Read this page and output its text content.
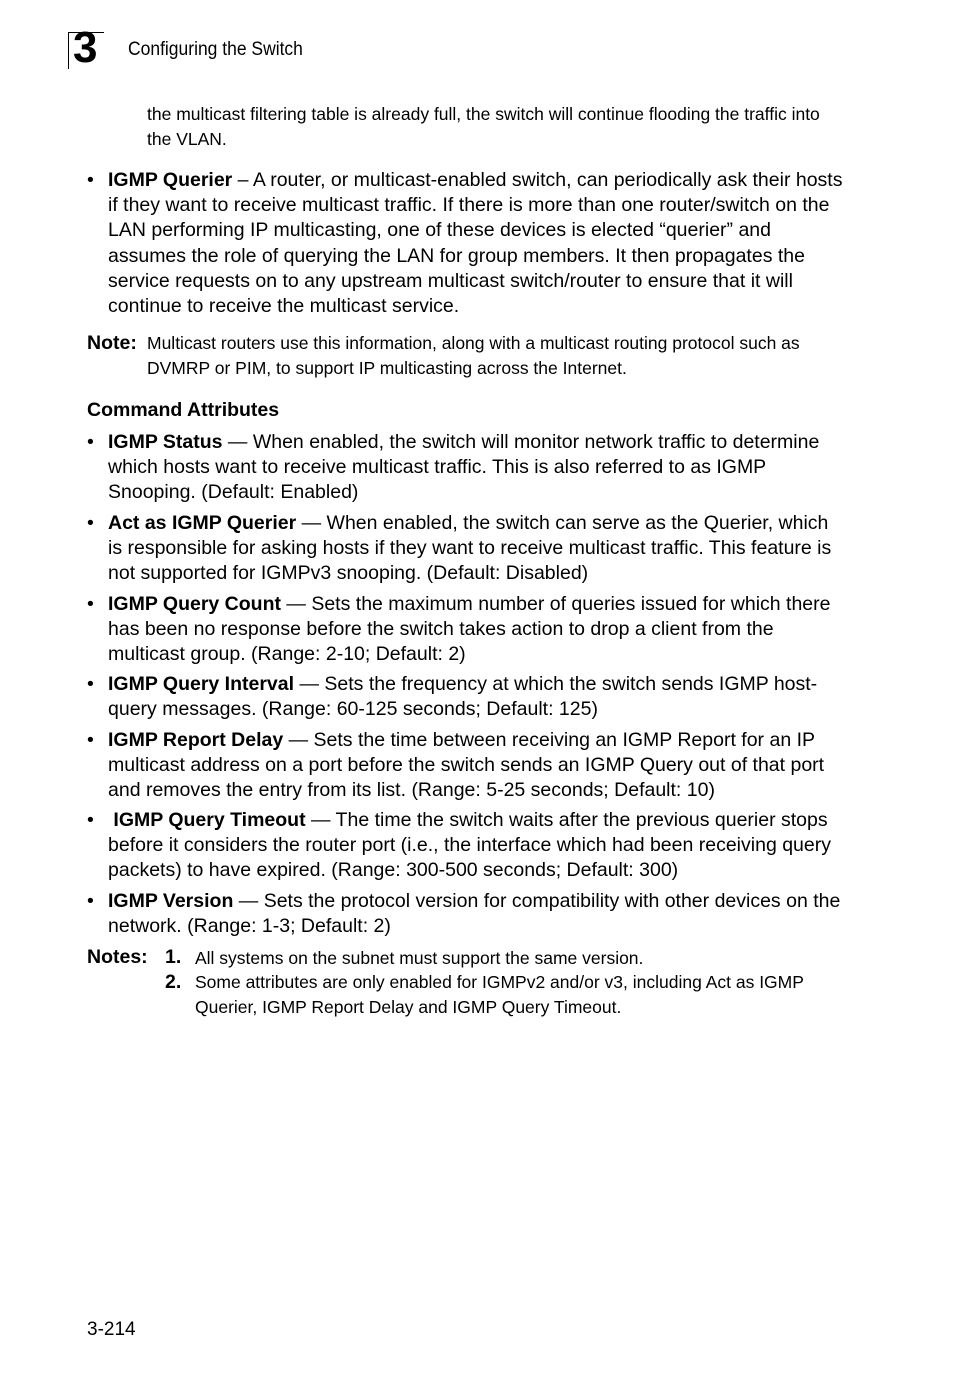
3 Configuring the Switch
the multicast filtering table is already full, the switch will continue flooding the traffic into the VLAN.
• IGMP Querier – A router, or multicast-enabled switch, can periodically ask their hosts if they want to receive multicast traffic. If there is more than one router/switch on the LAN performing IP multicasting, one of these devices is elected “querier” and assumes the role of querying the LAN for group members. It then propagates the service requests on to any upstream multicast switch/router to ensure that it will continue to receive the multicast service.
Note: Multicast routers use this information, along with a multicast routing protocol such as DVMRP or PIM, to support IP multicasting across the Internet.
Command Attributes
• IGMP Status — When enabled, the switch will monitor network traffic to determine which hosts want to receive multicast traffic. This is also referred to as IGMP Snooping. (Default: Enabled)
• Act as IGMP Querier — When enabled, the switch can serve as the Querier, which is responsible for asking hosts if they want to receive multicast traffic. This feature is not supported for IGMPv3 snooping. (Default: Disabled)
• IGMP Query Count — Sets the maximum number of queries issued for which there has been no response before the switch takes action to drop a client from the multicast group. (Range: 2-10; Default: 2)
• IGMP Query Interval — Sets the frequency at which the switch sends IGMP host-query messages. (Range: 60-125 seconds; Default: 125)
• IGMP Report Delay — Sets the time between receiving an IGMP Report for an IP multicast address on a port before the switch sends an IGMP Query out of that port and removes the entry from its list. (Range: 5-25 seconds; Default: 10)
• IGMP Query Timeout — The time the switch waits after the previous querier stops before it considers the router port (i.e., the interface which had been receiving query packets) to have expired. (Range: 300-500 seconds; Default: 300)
• IGMP Version — Sets the protocol version for compatibility with other devices on the network. (Range: 1-3; Default: 2)
Notes: 1. All systems on the subnet must support the same version.
2. Some attributes are only enabled for IGMPv2 and/or v3, including Act as IGMP Querier, IGMP Report Delay and IGMP Query Timeout.
3-214
